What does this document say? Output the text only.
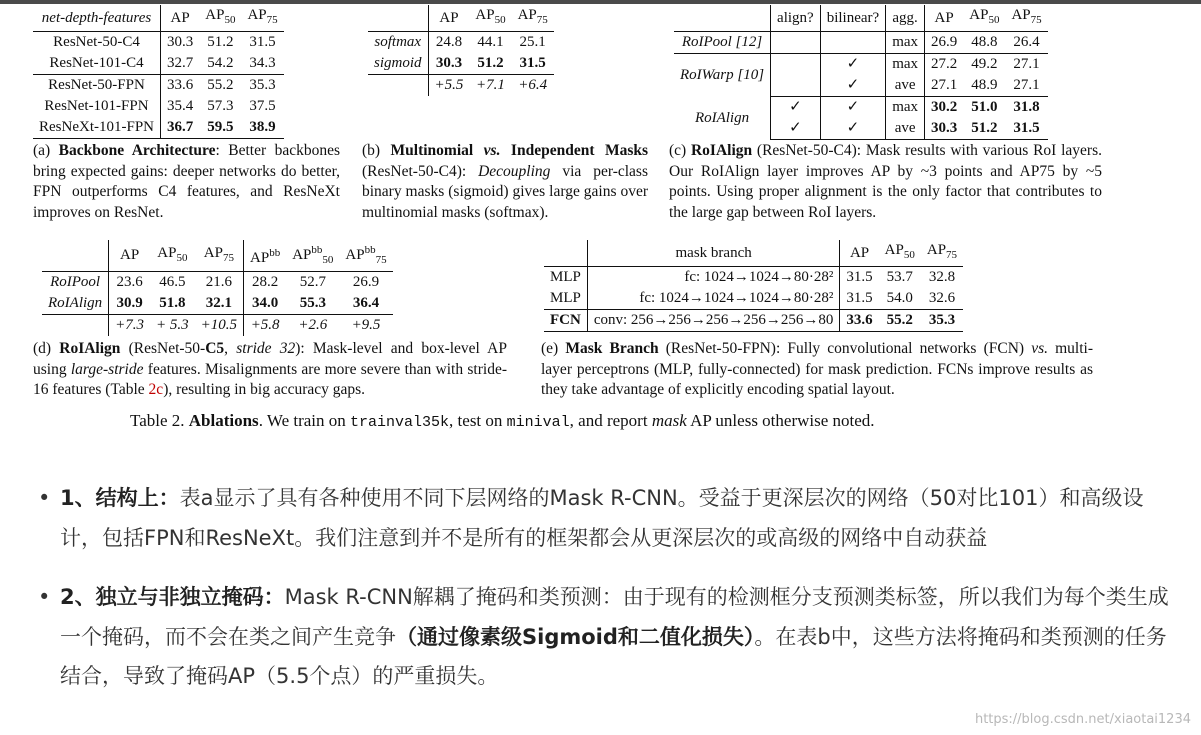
net-depth-features	AP	$AP_{50}$	$AP_{75}$
ResNet-50-C4	30.3	51.2	31.5
ResNet-101-C4	32.7	54.2	34.3
ResNet-50-FPN	33.6	55.2	35.3
ResNet-101-FPN	35.4	57.3	37.5
ResNeXt-101-FPN	36.7	59.5	38.9
(a) Backbone Architecture: Better backbones bring expected gains: deeper networks do better, FPN outperforms C4 features, and ResNeXt improves on ResNet.
	AP	$AP_{50}$	$AP_{75}$
softmax	24.8	44.1	25.1
sigmoid	30.3	51.2	31.5
	+5.5	+7.1	+6.4
(b) Multinomial vs. Independent Masks (ResNet-50-C4): Decoupling via per-class binary masks (sigmoid) gives large gains over multinomial masks (softmax).
	align?	bilinear?	agg.	AP	$AP_{50}$	$AP_{75}$
RoIPool [12]			max	26.9	48.8	26.4
RoIWarp [10]		✓	max	27.2	49.2	27.1
		✓	ave	27.1	48.9	27.1
RoIAlign	✓	✓	max	30.2	51.0	31.8
	✓	✓	ave	30.3	51.2	31.5
(c) RoIAlign (ResNet-50-C4): Mask results with various RoI layers. Our RoIAlign layer improves AP by ~3 points and AP75 by ~5 points. Using proper alignment is the only factor that contributes to the large gap between RoI layers.
	AP	$AP_{50}$	$AP_{75}$	$AP^{bb}$	$AP^{bb}_{50}$	$AP^{bb}_{75}$
RoIPool	23.6	46.5	21.6	28.2	52.7	26.9
RoIAlign	30.9	51.8	32.1	34.0	55.3	36.4
	+7.3	+ 5.3	+10.5	+5.8	+2.6	+9.5
(d) RoIAlign (ResNet-50-C5, stride 32): Mask-level and box-level AP using large-stride features. Misalignments are more severe than with stride-16 features (Table 2c), resulting in big accuracy gaps.
	mask branch	AP	$AP_{50}$	$AP_{75}$
MLP	fc: 1024→1024→80·28²	31.5	53.7	32.8
MLP	fc: 1024→1024→1024→80·28²	31.5	54.0	32.6
FCN	conv: 256→256→256→256→256→80	33.6	55.2	35.3
(e) Mask Branch (ResNet-50-FPN): Fully convolutional networks (FCN) vs. multi-layer perceptrons (MLP, fully-connected) for mask prediction. FCNs improve results as they take advantage of explicitly encoding spatial layout.
Table 2. Ablations. We train on trainval35k, test on minival, and report mask AP unless otherwise noted.
• 1、结构上：表a显示了具有各种使用不同下层网络的Mask R-CNN。受益于更深层次的网络（50对比101）和高级设计，包括FPN和ResNeXt。我们注意到并不是所有的框架都会从更深层次的或高级的网络中自动获益
• 2、独立与非独立掩码：Mask R-CNN解耦了掩码和类预测：由于现有的检测框分支预测类标签，所以我们为每个类生成一个掩码，而不会在类之间产生竞争（通过像素级Sigmoid和二值化损失）。在表b中，这些方法将掩码和类预测的任务结合，导致了掩码AP（5.5个点）的严重损失。
https://blog.csdn.net/xiaotai1234
